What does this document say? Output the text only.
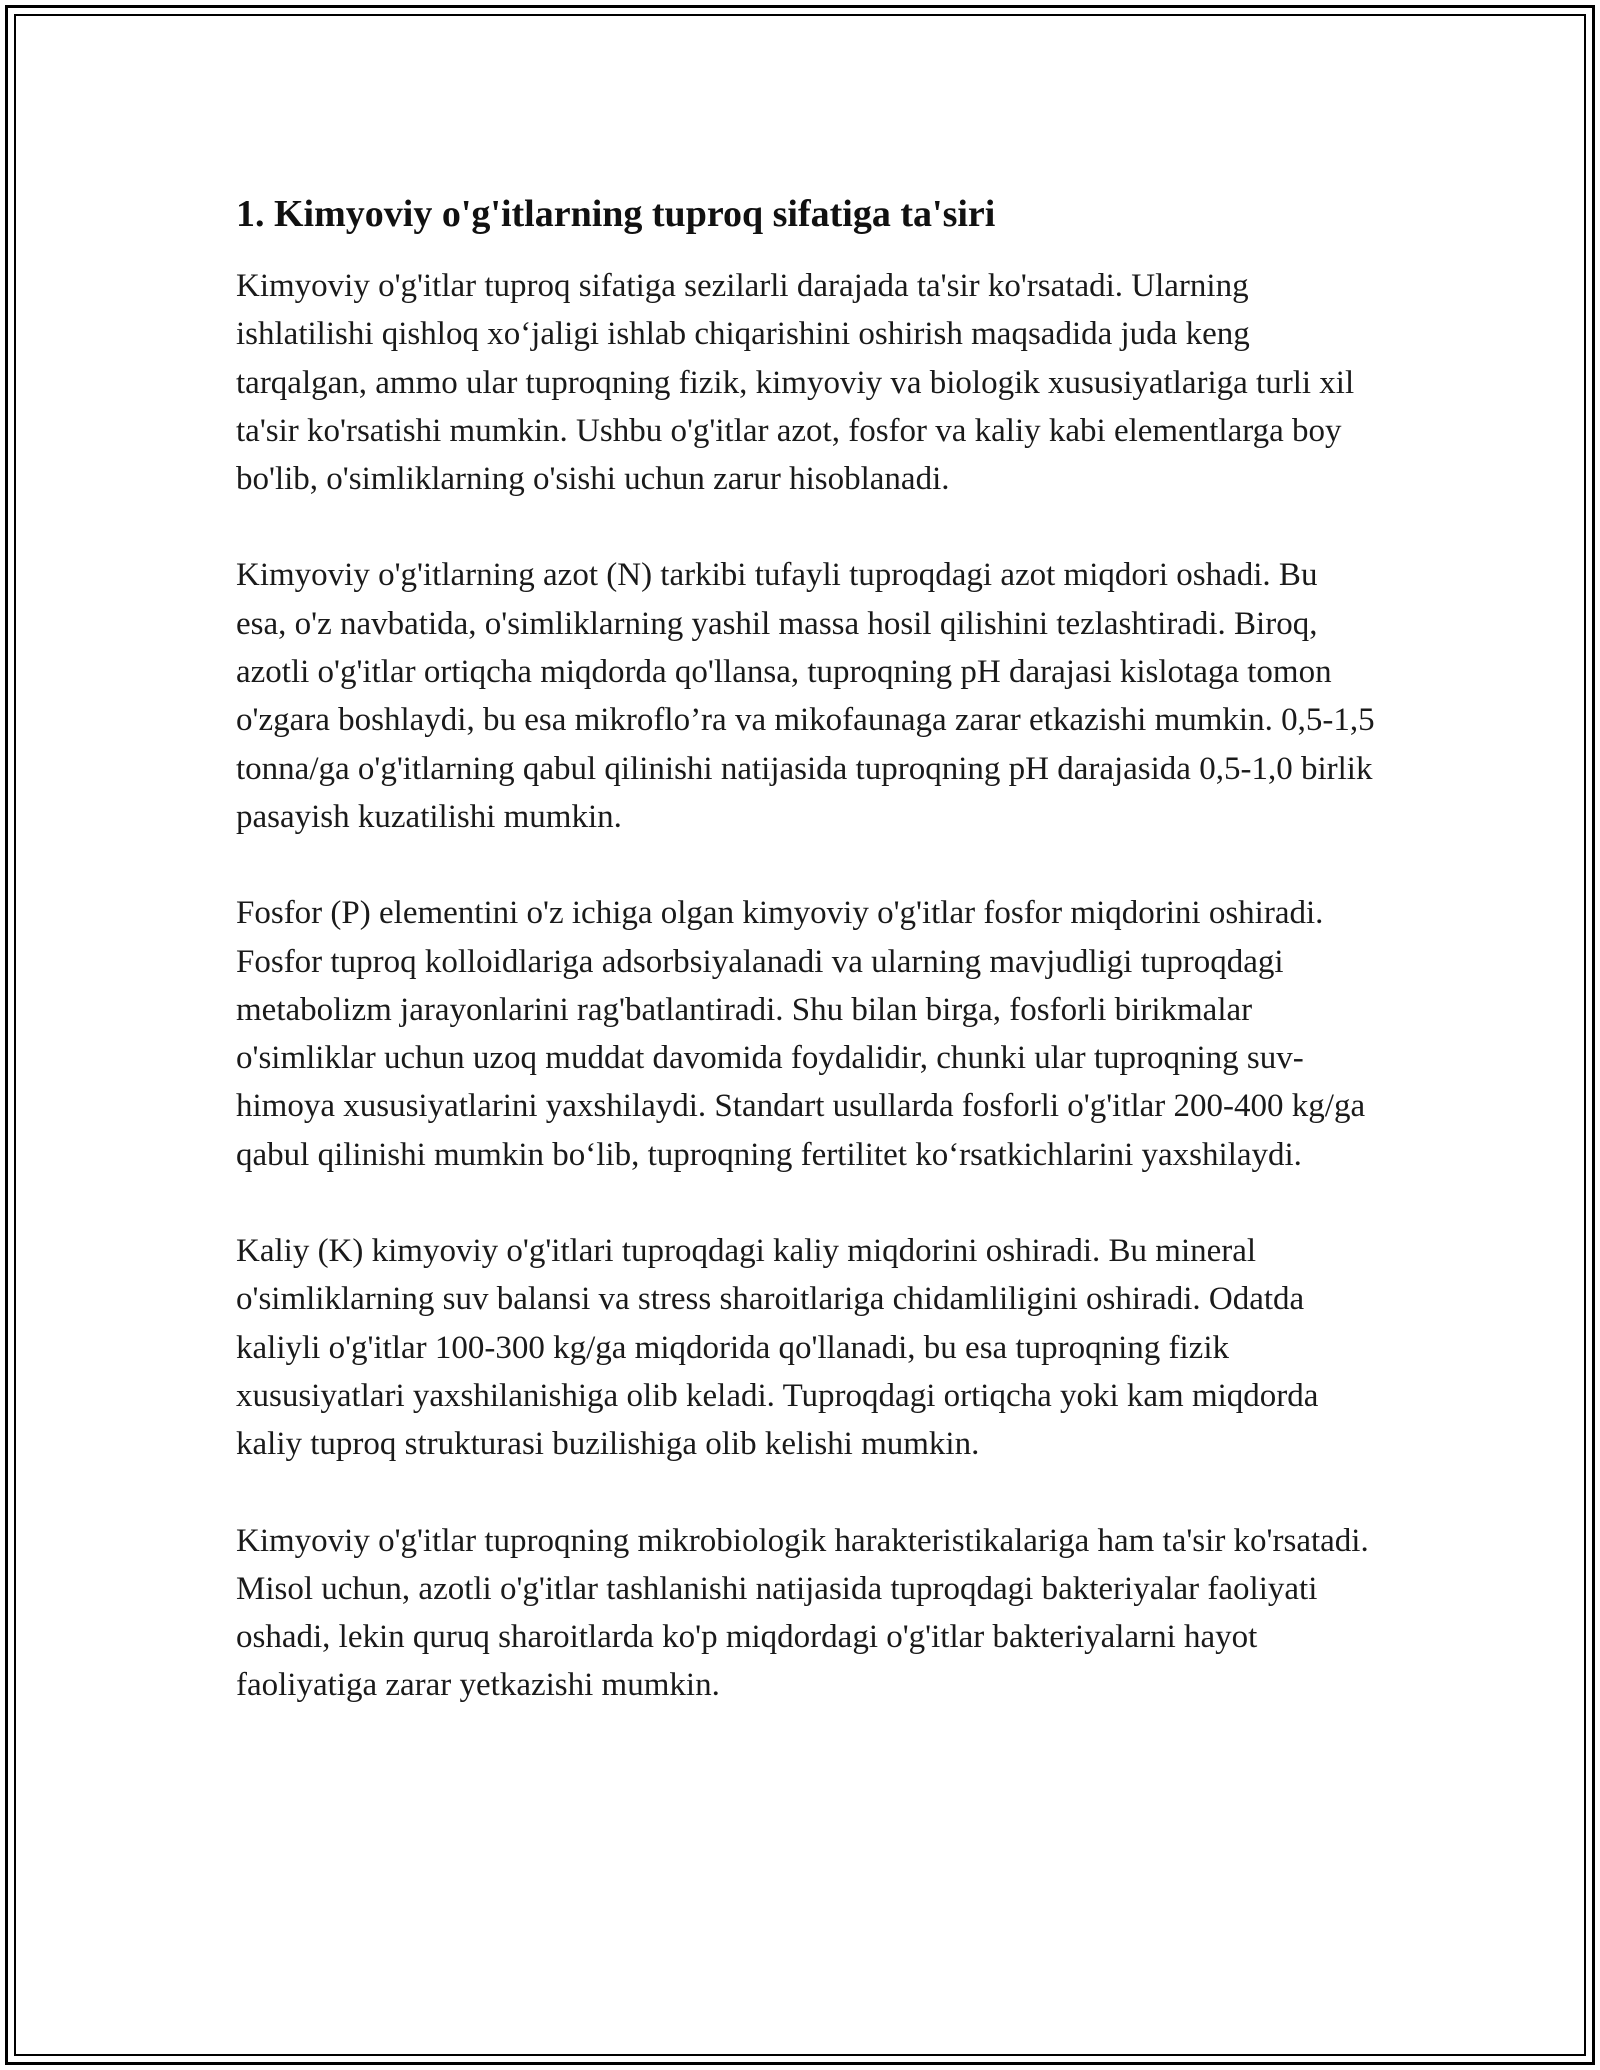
1. Kimyoviy o'g'itlarning tuproq sifatiga ta'siri

Kimyoviy o'g'itlar tuproq sifatiga sezilarli darajada ta'sir ko'rsatadi. Ularning ishlatilishi qishloq xo‘jaligi ishlab chiqarishini oshirish maqsadida juda keng tarqalgan, ammo ular tuproqning fizik, kimyoviy va biologik xususiyatlariga turli xil ta'sir ko'rsatishi mumkin. Ushbu o'g'itlar azot, fosfor va kaliy kabi elementlarga boy bo'lib, o'simliklarning o'sishi uchun zarur hisoblanadi.

Kimyoviy o'g'itlarning azot (N) tarkibi tufayli tuproqdagi azot miqdori oshadi. Bu esa, o'z navbatida, o'simliklarning yashil massa hosil qilishini tezlashtiradi. Biroq, azotli o'g'itlar ortiqcha miqdorda qo'llansa, tuproqning pH darajasi kislotaga tomon o'zgara boshlaydi, bu esa mikroflo’ra va mikofaunaga zarar etkazishi mumkin. 0,5-1,5 tonna/ga o'g'itlarning qabul qilinishi natijasida tuproqning pH darajasida 0,5-1,0 birlik pasayish kuzatilishi mumkin.

Fosfor (P) elementini o'z ichiga olgan kimyoviy o'g'itlar fosfor miqdorini oshiradi. Fosfor tuproq kolloidlariga adsorbsiyalanadi va ularning mavjudligi tuproqdagi metabolizm jarayonlarini rag'batlantiradi. Shu bilan birga, fosforli birikmalar o'simliklar uchun uzoq muddat davomida foydalidir, chunki ular tuproqning suv-himoya xususiyatlarini yaxshilaydi. Standart usullarda fosforli o'g'itlar 200-400 kg/ga qabul qilinishi mumkin bo‘lib, tuproqning fertilitet ko‘rsatkichlarini yaxshilaydi.

Kaliy (K) kimyoviy o'g'itlari tuproqdagi kaliy miqdorini oshiradi. Bu mineral o'simliklarning suv balansi va stress sharoitlariga chidamliligini oshiradi. Odatda kaliyli o'g'itlar 100-300 kg/ga miqdorida qo'llanadi, bu esa tuproqning fizik xususiyatlari yaxshilanishiga olib keladi. Tuproqdagi ortiqcha yoki kam miqdorda kaliy tuproq strukturasi buzilishiga olib kelishi mumkin.

Kimyoviy o'g'itlar tuproqning mikrobiologik harakteristikalariga ham ta'sir ko'rsatadi. Misol uchun, azotli o'g'itlar tashlanishi natijasida tuproqdagi bakteriyalar faoliyati oshadi, lekin quruq sharoitlarda ko'p miqdordagi o'g'itlar bakteriyalarni hayot faoliyatiga zarar yetkazishi mumkin.
